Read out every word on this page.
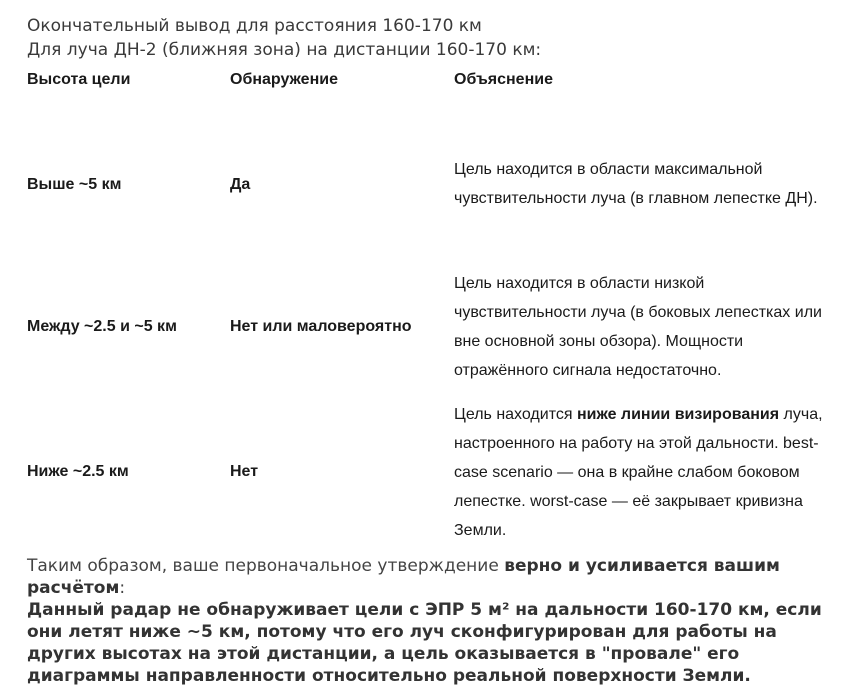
Окончательный вывод для расстояния 160-170 км
Для луча ДН-2 (ближняя зона) на дистанции 160-170 км:
Высота цели	Обнаружение	Объяснение
Выше ~5 км	Да	Цель находится в области максимальной чувствительности луча (в главном лепестке ДН).
Между ~2.5 и ~5 км	Нет или маловероятно	Цель находится в области низкой чувствительности луча (в боковых лепестках или вне основной зоны обзора). Мощности отражённого сигнала недостаточно.
Ниже ~2.5 км	Нет	Цель находится ниже линии визирования луча, настроенного на работу на этой дальности. best-case scenario — она в крайне слабом боковом лепестке. worst-case — её закрывает кривизна Земли.
Таким образом, ваше первоначальное утверждение верно и усиливается вашим расчётом:
Данный радар не обнаруживает цели с ЭПР 5 м² на дальности 160-170 км, если они летят ниже ~5 км, потому что его луч сконфигурирован для работы на других высотах на этой дистанции, а цель оказывается в "провале" его диаграммы направленности относительно реальной поверхности Земли.
